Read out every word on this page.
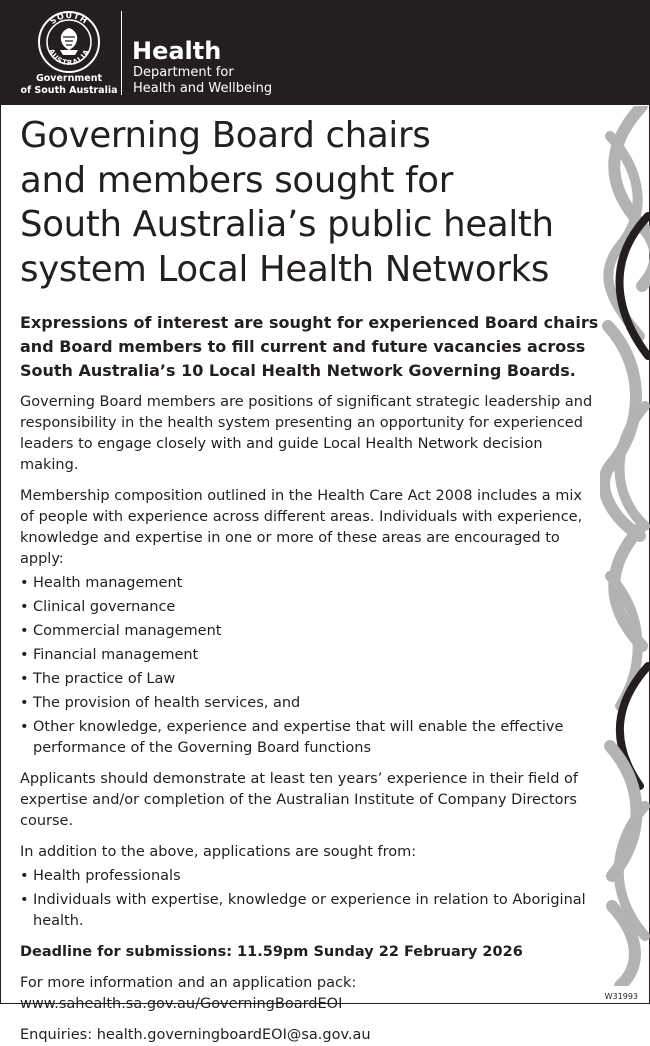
SOUTH
AUSTRALIA
Government
of South Australia
Health
Department for
Health and Wellbeing
Governing Board chairs
and members sought for
South Australia’s public health
system Local Health Networks

Expressions of interest are sought for experienced Board chairs and Board members to fill current and future vacancies across South Australia’s 10 Local Health Network Governing Boards.

Governing Board members are positions of significant strategic leadership and responsibility in the health system presenting an opportunity for experienced leaders to engage closely with and guide Local Health Network decision making.

Membership composition outlined in the Health Care Act 2008 includes a mix of people with experience across different areas. Individuals with experience, knowledge and expertise in one or more of these areas are encouraged to apply:

• Health management
• Clinical governance
• Commercial management
• Financial management
• The practice of Law
• The provision of health services, and
• Other knowledge, experience and expertise that will enable the effective performance of the Governing Board functions

Applicants should demonstrate at least ten years’ experience in their field of expertise and/or completion of the Australian Institute of Company Directors course.

In addition to the above, applications are sought from:

• Health professionals
• Individuals with expertise, knowledge or experience in relation to Aboriginal health.

Deadline for submissions: 11.59pm Sunday 22 February 2026

For more information and an application pack:

www.sahealth.sa.gov.au/GoverningBoardEOI

Enquiries: health.governingboardEOI@sa.gov.au

W31993
